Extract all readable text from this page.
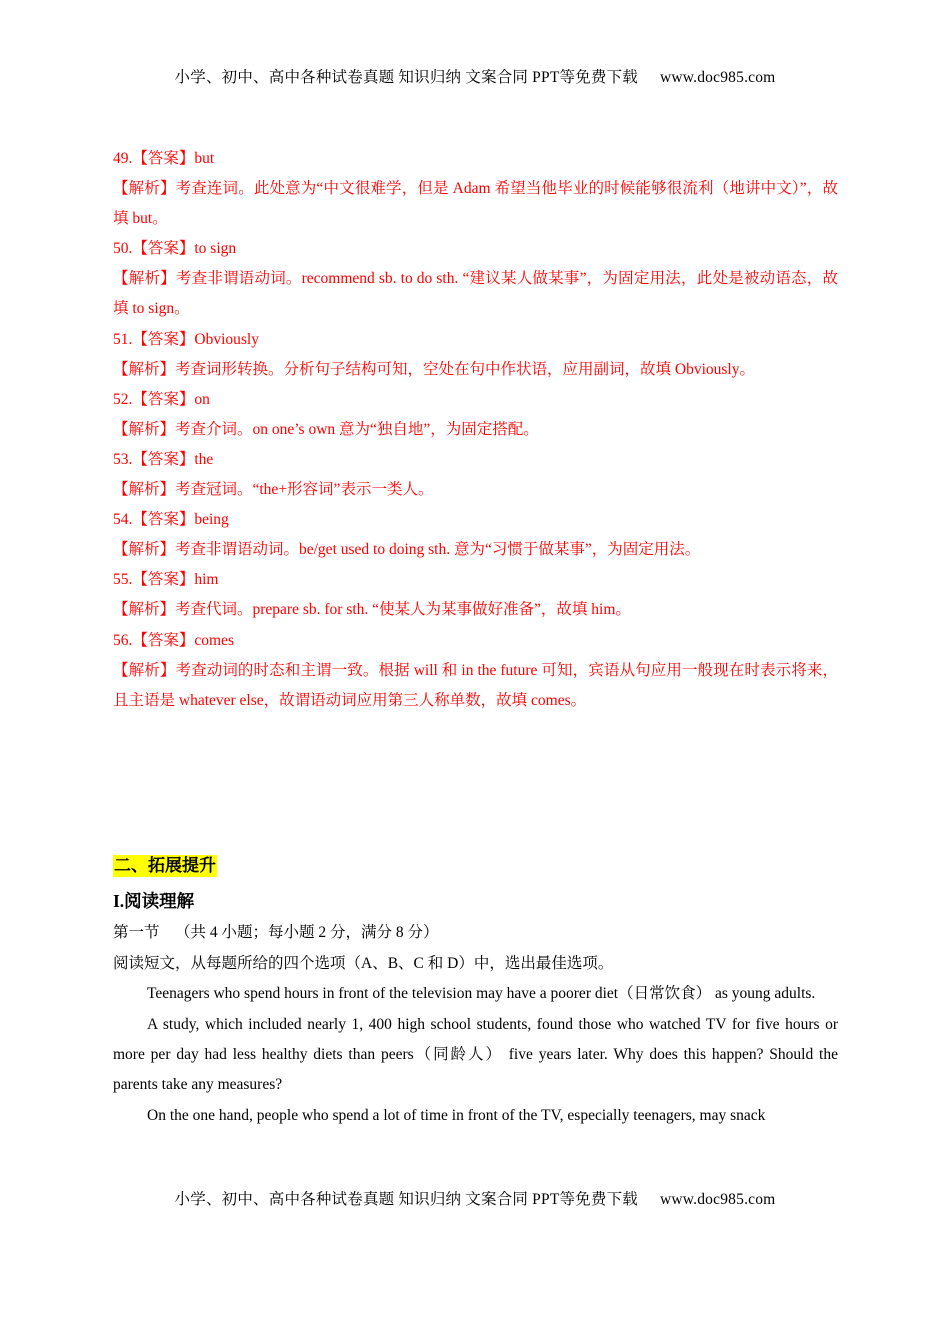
小学、初中、高中各种试卷真题 知识归纳 文案合同 PPT等免费下载 www.doc985.com

49.【答案】but

【解析】考查连词。此处意为“中文很难学，但是 Adam 希望当他毕业的时候能够很流利（地讲中文）”，故填 but。

50.【答案】to sign

【解析】考查非谓语动词。recommend sb. to do sth. “建议某人做某事”，为固定用法，此处是被动语态，故填 to sign。

51.【答案】Obviously

【解析】考查词形转换。分析句子结构可知，空处在句中作状语，应用副词，故填 Obviously。

52.【答案】on

【解析】考查介词。on one’s own 意为“独自地”，为固定搭配。

53.【答案】the

【解析】考查冠词。“the+形容词”表示一类人。

54.【答案】being

【解析】考查非谓语动词。be/get used to doing sth. 意为“习惯于做某事”，为固定用法。

55.【答案】him

【解析】考查代词。prepare sb. for sth. “使某人为某事做好准备”，故填 him。

56.【答案】comes

【解析】考查动词的时态和主谓一致。根据 will 和 in the future 可知，宾语从句应用一般现在时表示将来，且主语是 whatever else，故谓语动词应用第三人称单数，故填 comes。

二、拓展提升

I.阅读理解

第一节    （共 4 小题；每小题 2 分，满分 8 分）

阅读短文，从每题所给的四个选项（A、B、C 和 D）中，选出最佳选项。

Teenagers who spend hours in front of the television may have a poorer diet（日常饮食） as young adults.

A study, which included nearly 1, 400 high school students, found those who watched TV for five hours or more per day had less healthy diets than peers（同龄人） five years later. Why does this happen? Should the parents take any measures?

On the one hand, people who spend a lot of time in front of the TV, especially teenagers, may snack

小学、初中、高中各种试卷真题 知识归纳 文案合同 PPT等免费下载 www.doc985.com
